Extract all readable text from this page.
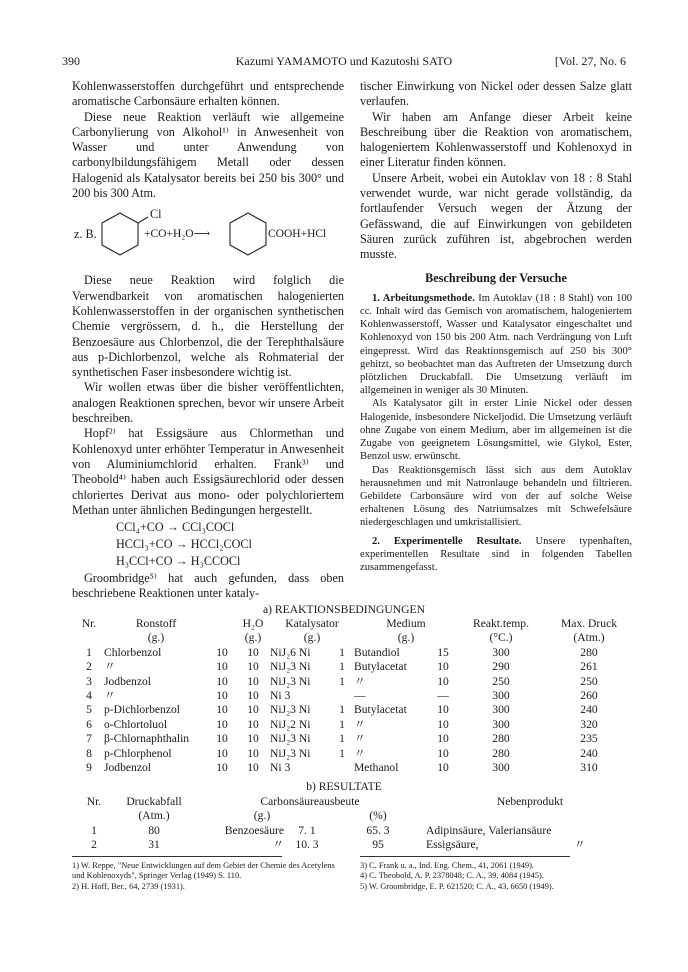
390	Kazumi YAMAMOTO und Kazutoshi SATO	[Vol. 27, No. 6

Kohlenwasserstoffen durchgeführt und entsprechende aromatische Carbonsäure erhalten können.

Diese neue Reaktion verläuft wie allgemeine Carbonylierung von Alkohol¹⁾ in Anwesenheit von Wasser und unter Anwendung von carbonylbildungsfähigem Metall oder dessen Halogenid als Katalysator bereits bei 250 bis 300° und 200 bis 300 Atm.

z. B.
Cl
+CO+H₂O⟶	COOH+HCl

Diese neue Reaktion wird folglich die Verwendbarkeit von aromatischen halogenierten Kohlenwasserstoffen in der organischen synthetischen Chemie vergrössern, d. h., die Herstellung der Benzoesäure aus Chlorbenzol, die der Terephthalsäure aus p-Dichlorbenzol, welche als Rohmaterial der synthetischen Faser insbesondere wichtig ist.

Wir wollen etwas über die bisher veröffentlichten, analogen Reaktionen sprechen, bevor wir unsere Arbeit beschreiben.

Hopf²⁾ hat Essigsäure aus Chlormethan und Kohlenoxyd unter erhöhter Temperatur in Anwesenheit von Aluminiumchlorid erhalten. Frank³⁾ und Theobold⁴⁾ haben auch Essigsäurechlorid oder dessen chloriertes Derivat aus mono- oder polychloriertem Methan unter ähnlichen Bedingungen hergestellt.

CCl₄+CO → CCl₃COCl
HCCl₃+CO → HCCl₂COCl
H₃CCl+CO → H₃CCOCl

Groombridge⁵⁾ hat auch gefunden, dass oben beschriebene Reaktionen unter kataly-

tischer Einwirkung von Nickel oder dessen Salze glatt verlaufen.

Wir haben am Anfange dieser Arbeit keine Beschreibung über die Reaktion von aromatischem, halogeniertem Kohlenwasserstoff und Kohlenoxyd in einer Literatur finden können.

Unsere Arbeit, wobei ein Autoklav von 18 : 8 Stahl verwendet wurde, war nicht gerade vollständig, da fortlaufender Versuch wegen der Ätzung der Gefässwand, die auf Einwirkungen von gebildeten Säuren zurück zuführen ist, abgebrochen werden musste.

Beschreibung der Versuche

1. Arbeitungsmethode. Im Autoklav (18 : 8 Stahl) von 100 cc. Inhalt wird das Gemisch von aromatischem, halogeniertem Kohlenwasserstoff, Wasser und Katalysator eingeschaltet und Kohlenoxyd von 150 bis 200 Atm. nach Verdrängung von Luft eingepresst. Wird das Reaktionsgemisch auf 250 bis 300° gehitzt, so beobachtet man das Auftreten der Umsetzung durch plötzlichen Druckabfall. Die Umsetzung verläuft im allgemeinen in weniger als 30 Minuten.

Als Katalysator gilt in erster Linie Nickel oder dessen Halogenide, insbesondere Nickeljodid. Die Umsetzung verläuft ohne Zugabe von einem Medium, aber im allgemeinen ist die Zugabe von geeignetem Lösungsmittel, wie Glykol, Ester, Benzol usw. erwünscht.

Das Reaktionsgemisch lässt sich aus dem Autoklav herausnehmen und mit Natronlauge behandeln und filtrieren. Gebildete Carbonsäure wird von der auf solche Weise erhaltenen Lösung des Natriumsalzes mit Schwefelsäure niedergeschlagen und umkristallisiert.

2. Experimentelle Resultate. Unsere typenhaften, experimentellen Resultate sind in folgenden Tabellen zusammengefasst.

a) REAKTIONSBEDINGUNGEN
Nr.	Ronstoff		H₂O	Katalysator		Medium		Reakt.temp.	Max. Druck
	(g.)		(g.)	(g.)		(g.)		(°C.)	(Atm.)
1	Chlorbenzol	10	10	NiJ₂6 Ni	1	Butandiol	15	300	280
2	〃	10	10	NiJ₂3 Ni	1	Butylacetat	10	290	261
3	Jodbenzol	10	10	NiJ₂3 Ni	1	〃	10	250	250
4	〃	10	10	Ni 3		—	—	300	260
5	p-Dichlorbenzol	10	10	NiJ₂3 Ni	1	Butylacetat	10	300	240
6	o-Chlortoluol	10	10	NiJ₂2 Ni	1	〃	10	300	320
7	β-Chlornaphthalin	10	10	NiJ₂3 Ni	1	〃	10	280	235
8	p-Chlorphenol	10	10	NiJ₂3 Ni	1	〃	10	280	240
9	Jodbenzol	10	10	Ni 3		Methanol	10	300	310
b) RESULTATE
Nr.	Druckabfall	Carbonsäureausbeute			Nebenprodukt	
	(Atm.)	(g.)		(%)		
1	80	Benzoesäure	7. 1	65. 3	Adipinsäure, Valeriansäure	
2	31	〃	10. 3	95	Essigsäure,	〃
1) W. Reppe, "Neue Entwicklungen auf dem Gebiet der Chemie des Acetylens und Kohlenoxyds", Springer Verlag (1949) S. 110.
2) H. Hoff, Ber., 64, 2739 (1931).
3) C. Frank u. a., Ind. Eng. Chem., 41, 2061 (1949).
4) C. Theobold, A. P. 2378048; C. A., 39, 4084 (1945).
5) W. Groombridge, E. P. 621520; C. A., 43, 6650 (1949).
